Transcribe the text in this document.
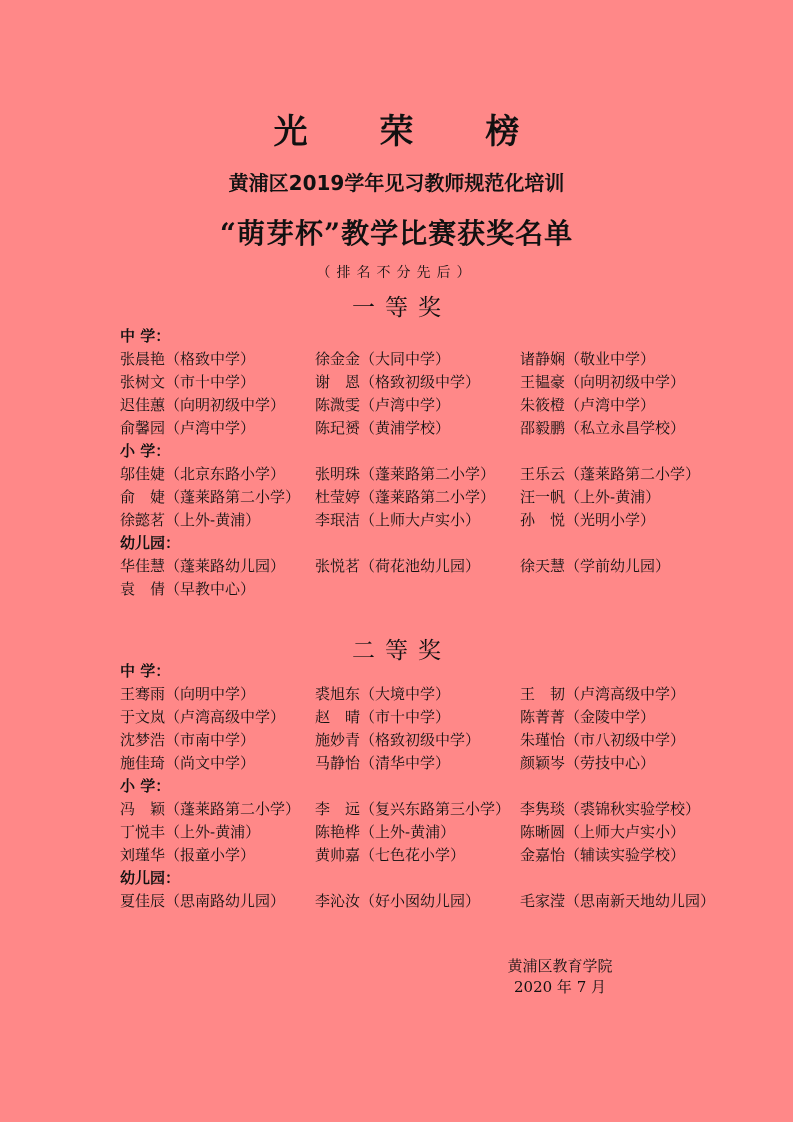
光 荣 榜
黄浦区2019学年见习教师规范化培训
“萌芽杯”教学比赛获奖名单
（排名不分先后）
一等奖
中 学：
张晨艳（格致中学）	徐金金（大同中学）	诸静娴（敬业中学）
张树文（市十中学）	谢　恩（格致初级中学）	王韫豪（向明初级中学）
迟佳蕙（向明初级中学）	陈溦雯（卢湾中学）	朱筱橙（卢湾中学）
俞馨园（卢湾中学）	陈玘赟（黄浦学校）	邵毅鹏（私立永昌学校）
小 学：
邬佳婕（北京东路小学）	张明珠（蓬莱路第二小学）	王乐云（蓬莱路第二小学）
俞　婕（蓬莱路第二小学） 杜莹婷（蓬莱路第二小学）	汪一帆（上外-黄浦）
徐懿茗（上外-黄浦）	李珉洁（上师大卢实小）	孙　悦（光明小学）
幼儿园：
华佳慧（蓬莱路幼儿园）	张悦茗（荷花池幼儿园）	徐天慧（学前幼儿园）
袁　倩（早教中心）
二等奖
中 学：
王骞雨（向明中学）	裘旭东（大境中学）	王　韧（卢湾高级中学）
于文岚（卢湾高级中学）	赵　晴（市十中学）	陈菁菁（金陵中学）
沈梦浩（市南中学）	施妙青（格致初级中学）	朱瑾怡（市八初级中学）
施佳琦（尚文中学）	马静怡（清华中学）	颜颖岑（劳技中心）
小 学：
冯　颖（蓬莱路第二小学） 李　远（复兴东路第三小学） 李隽琰（裘锦秋实验学校）
丁悦丰（上外-黄浦）	陈艳桦（上外-黄浦）	陈晰圆（上师大卢实小）
刘瑾华（报童小学）	黄帅嘉（七色花小学）	金嘉怡（辅读实验学校）
幼儿园：
夏佳辰（思南路幼儿园）	李沁汝（好小囡幼儿园）	毛家滢（思南新天地幼儿园）
黄浦区教育学院
2020 年 7 月
